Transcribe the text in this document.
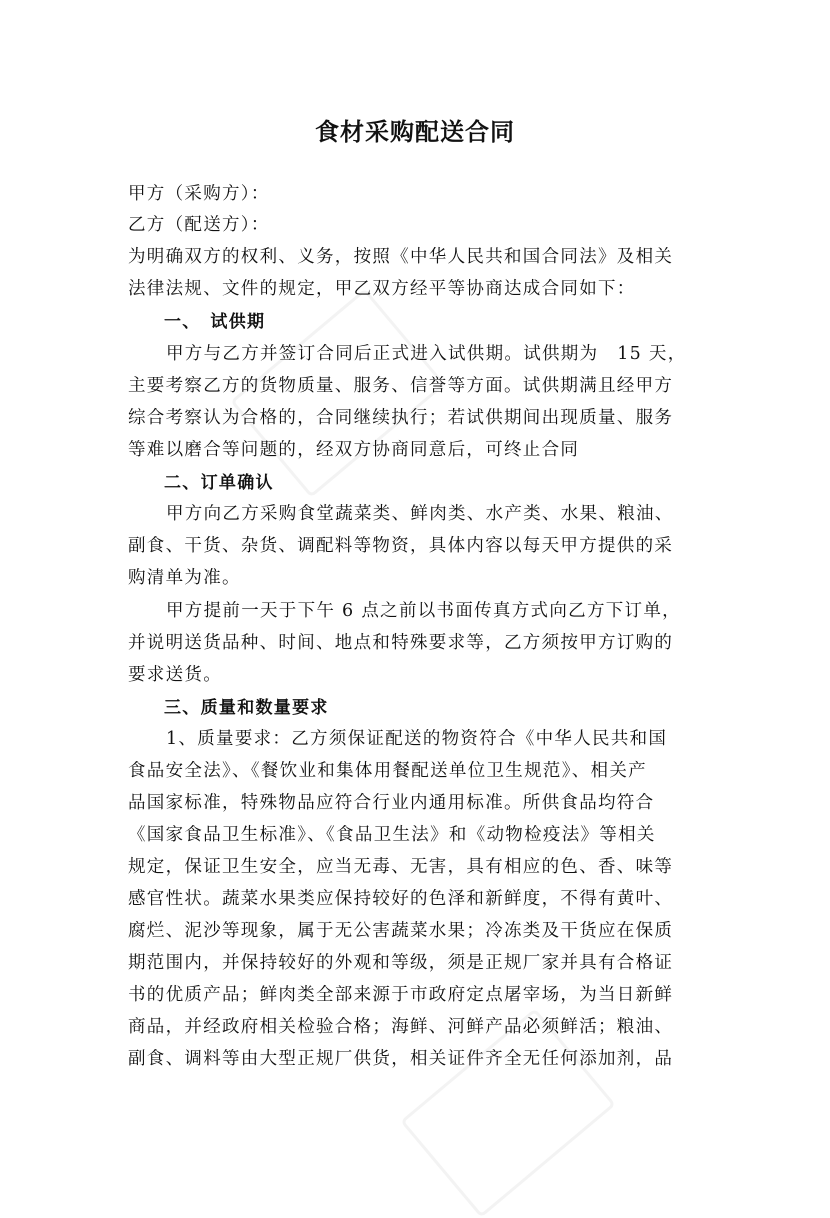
食材采购配送合同
甲方（采购方）：
乙方（配送方）：
为明确双方的权利、义务，按照《中华人民共和国合同法》及相关
法律法规、文件的规定，甲乙双方经平等协商达成合同如下：
一、　试供期
甲方与乙方并签订合同后正式进入试供期。试供期为　15 天，
主要考察乙方的货物质量、服务、信誉等方面。试供期满且经甲方
综合考察认为合格的，合同继续执行；若试供期间出现质量、服务
等难以磨合等问题的，经双方协商同意后，可终止合同
二、订单确认
甲方向乙方采购食堂蔬菜类、鲜肉类、水产类、水果、粮油、
副食、干货、杂货、调配料等物资，具体内容以每天甲方提供的采
购清单为准。
甲方提前一天于下午 6 点之前以书面传真方式向乙方下订单，
并说明送货品种、时间、地点和特殊要求等，乙方须按甲方订购的
要求送货。
三、质量和数量要求
1、质量要求：乙方须保证配送的物资符合《中华人民共和国
食品安全法》、《餐饮业和集体用餐配送单位卫生规范》、相关产
品国家标准，特殊物品应符合行业内通用标准。所供食品均符合
《国家食品卫生标准》、《食品卫生法》和《动物检疫法》等相关
规定，保证卫生安全，应当无毒、无害，具有相应的色、香、味等
感官性状。蔬菜水果类应保持较好的色泽和新鲜度，不得有黄叶、
腐烂、泥沙等现象，属于无公害蔬菜水果；冷冻类及干货应在保质
期范围内，并保持较好的外观和等级，须是正规厂家并具有合格证
书的优质产品；鲜肉类全部来源于市政府定点屠宰场，为当日新鲜
商品，并经政府相关检验合格；海鲜、河鲜产品必须鲜活；粮油、
副食、调料等由大型正规厂供货，相关证件齐全无任何添加剂，品
